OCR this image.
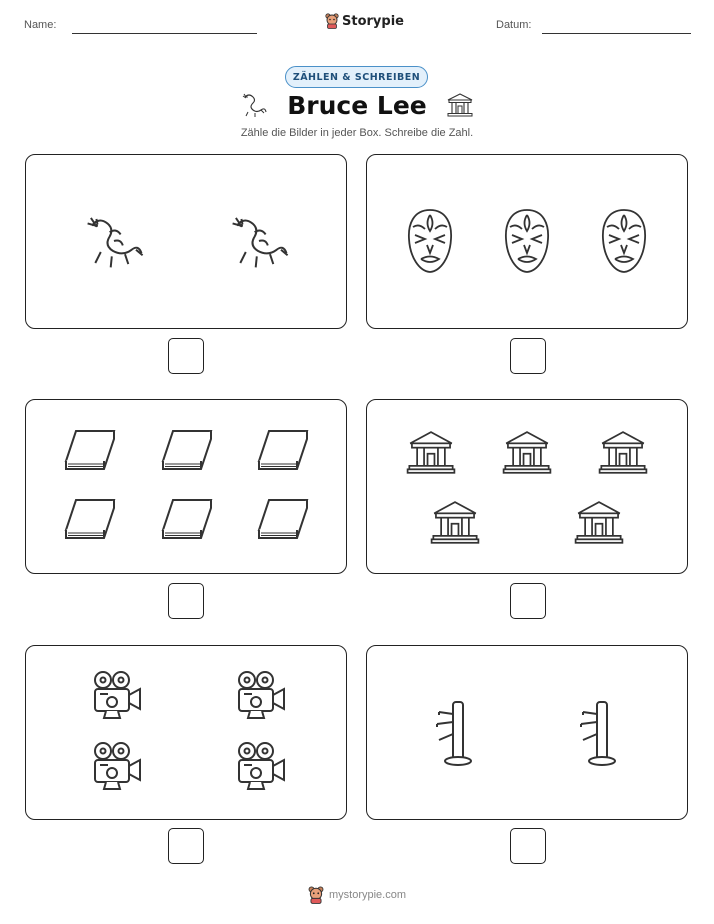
Name:	Storypie	Datum:
ZÄHLEN & SCHREIBEN
Bruce Lee
Zähle die Bilder in jeder Box. Schreibe die Zahl.
mystorypie.com
